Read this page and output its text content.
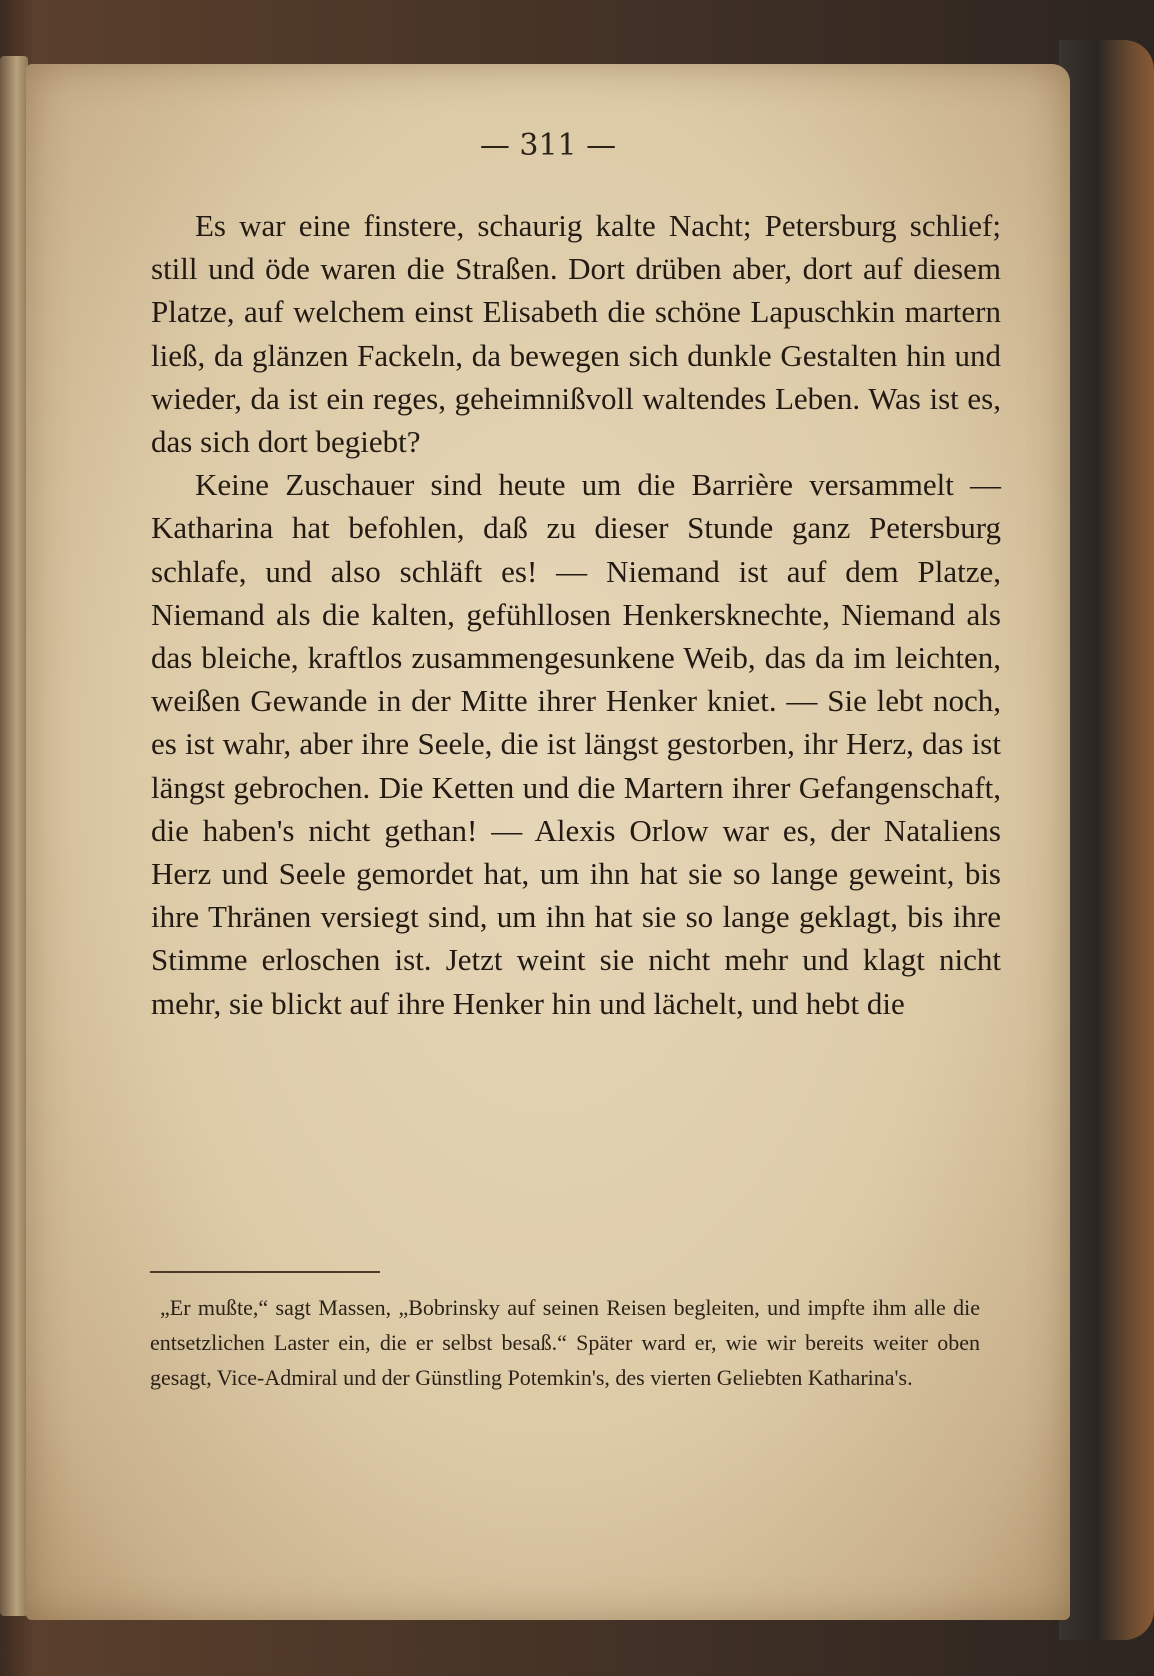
— 311 —

Es war eine finstere, schaurig kalte Nacht; Petersburg schlief; still und öde waren die Straßen. Dort drüben aber, dort auf diesem Platze, auf welchem einst Elisabeth die schöne Lapuschkin martern ließ, da glänzen Fackeln, da bewegen sich dunkle Gestalten hin und wieder, da ist ein reges, geheimnißvoll waltendes Leben. Was ist es, das sich dort begiebt?

Keine Zuschauer sind heute um die Barrière versammelt — Katharina hat befohlen, daß zu dieser Stunde ganz Petersburg schlafe, und also schläft es! — Niemand ist auf dem Platze, Niemand als die kalten, gefühllosen Henkersknechte, Niemand als das bleiche, kraftlos zusammengesunkene Weib, das da im leichten, weißen Gewande in der Mitte ihrer Henker kniet. — Sie lebt noch, es ist wahr, aber ihre Seele, die ist längst gestorben, ihr Herz, das ist längst gebrochen. Die Ketten und die Martern ihrer Gefangenschaft, die haben's nicht gethan! — Alexis Orlow war es, der Nataliens Herz und Seele gemordet hat, um ihn hat sie so lange geweint, bis ihre Thränen versiegt sind, um ihn hat sie so lange geklagt, bis ihre Stimme erloschen ist. Jetzt weint sie nicht mehr und klagt nicht mehr, sie blickt auf ihre Henker hin und lächelt, und hebt die

„Er mußte,“ sagt Massen, „Bobrinsky auf seinen Reisen begleiten, und impfte ihm alle die entsetzlichen Laster ein, die er selbst besaß.“ Später ward er, wie wir bereits weiter oben gesagt, Vice-Admiral und der Günstling Potemkin's, des vierten Geliebten Katharina's.
